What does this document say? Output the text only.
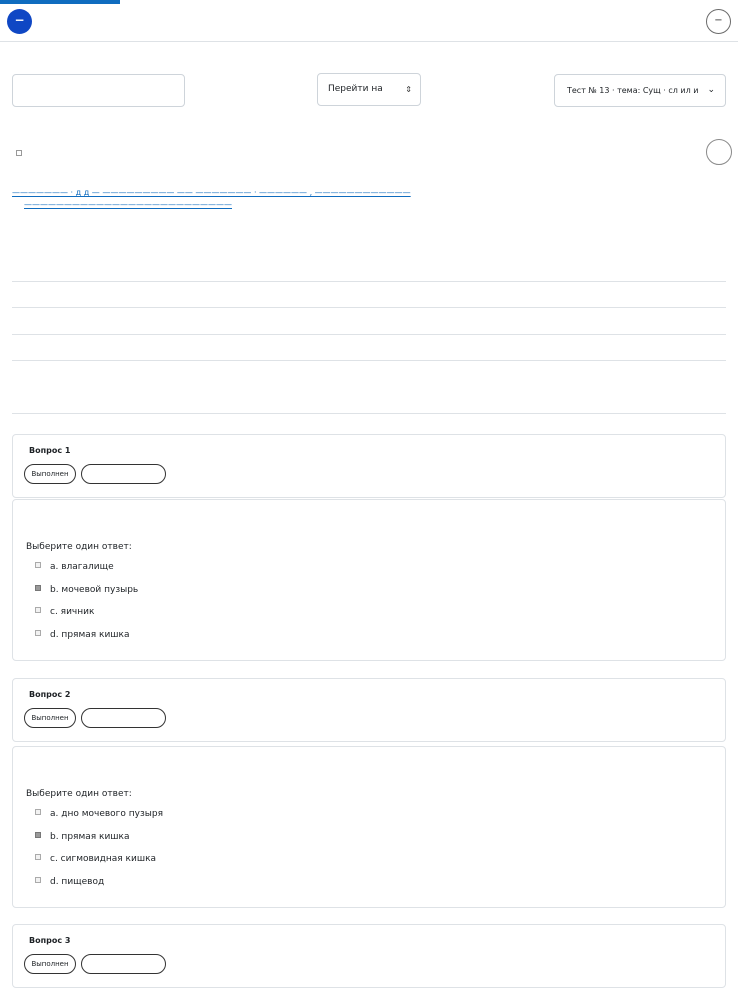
−	−
Перейти на	⇕	Тест № 13 · тема: Сущ · сл ил и ⌄
——————— · д д — ————————— —— ——————— · —————— , ————————————
——————————————————————————
Вопрос 1
Выполнен
Выберите один ответ:
a. влагалище
b. мочевой пузырь
c. яичник
d. прямая кишка
Вопрос 2
Выполнен
Выберите один ответ:
a. дно мочевого пузыря
b. прямая кишка
c. сигмовидная кишка
d. пищевод
Вопрос 3
Выполнен
